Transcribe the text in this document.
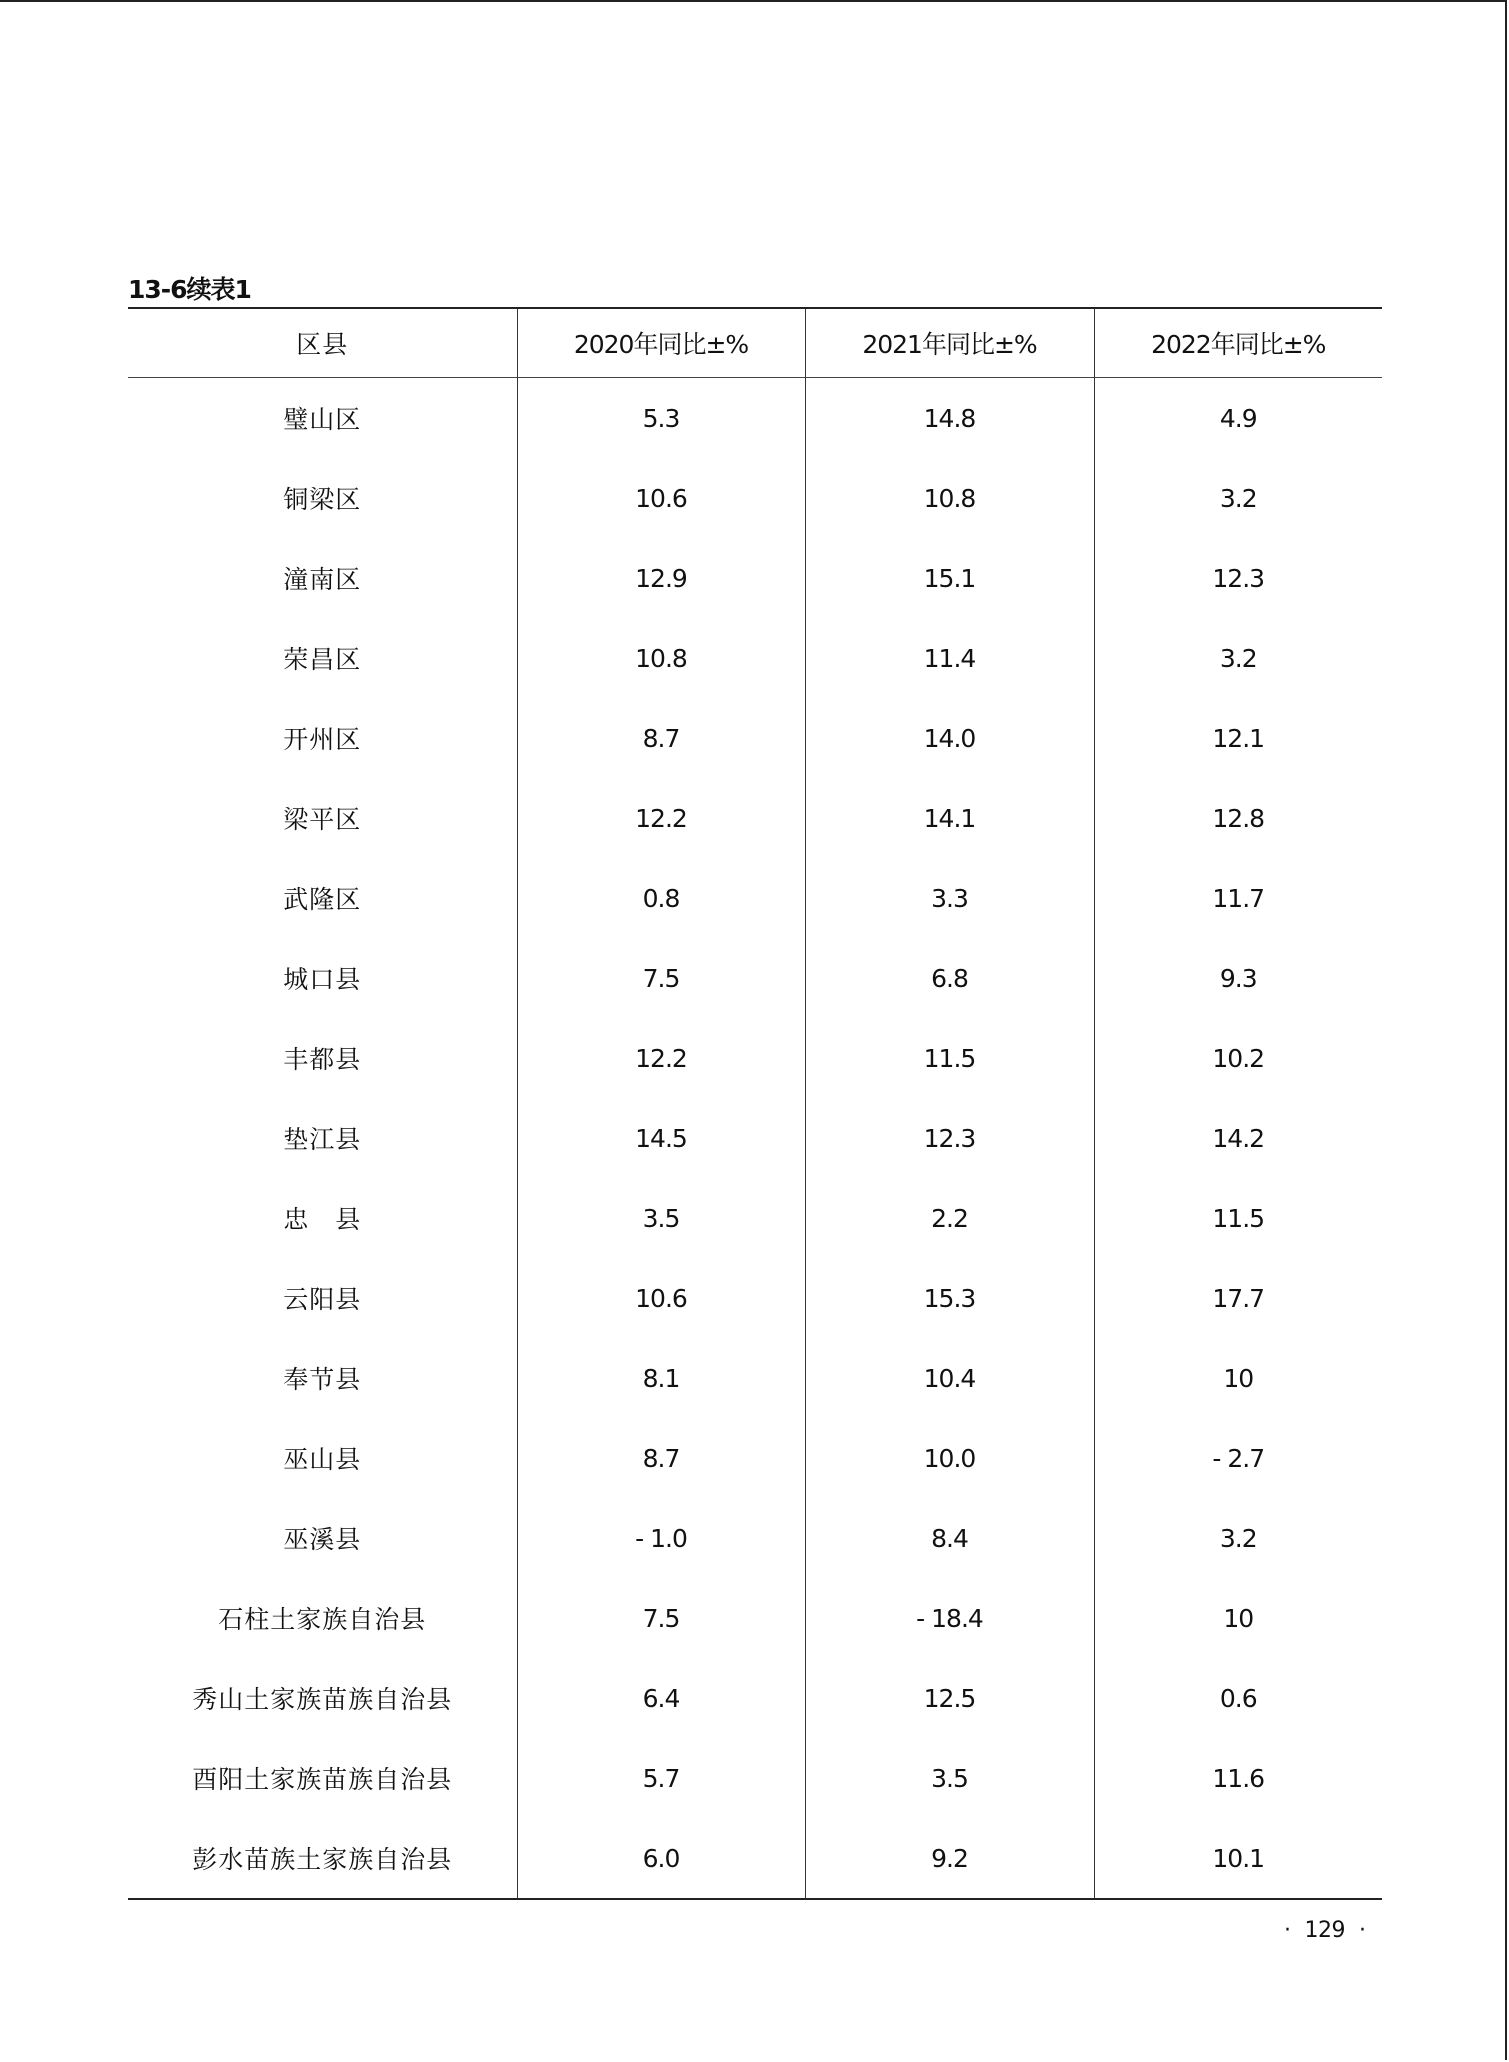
13-6续表1
区县	2020年同比±%	2021年同比±%	2022年同比±%
璧山区	5.3	14.8	4.9
铜梁区	10.6	10.8	3.2
潼南区	12.9	15.1	12.3
荣昌区	10.8	11.4	3.2
开州区	8.7	14.0	12.1
梁平区	12.2	14.1	12.8
武隆区	0.8	3.3	11.7
城口县	7.5	6.8	9.3
丰都县	12.2	11.5	10.2
垫江县	14.5	12.3	14.2
忠　县	3.5	2.2	11.5
云阳县	10.6	15.3	17.7
奉节县	8.1	10.4	10
巫山县	8.7	10.0	- 2.7
巫溪县	- 1.0	8.4	3.2
石柱土家族自治县	7.5	- 18.4	10
秀山土家族苗族自治县	6.4	12.5	0.6
酉阳土家族苗族自治县	5.7	3.5	11.6
彭水苗族土家族自治县	6.0	9.2	10.1
· 129 ·
